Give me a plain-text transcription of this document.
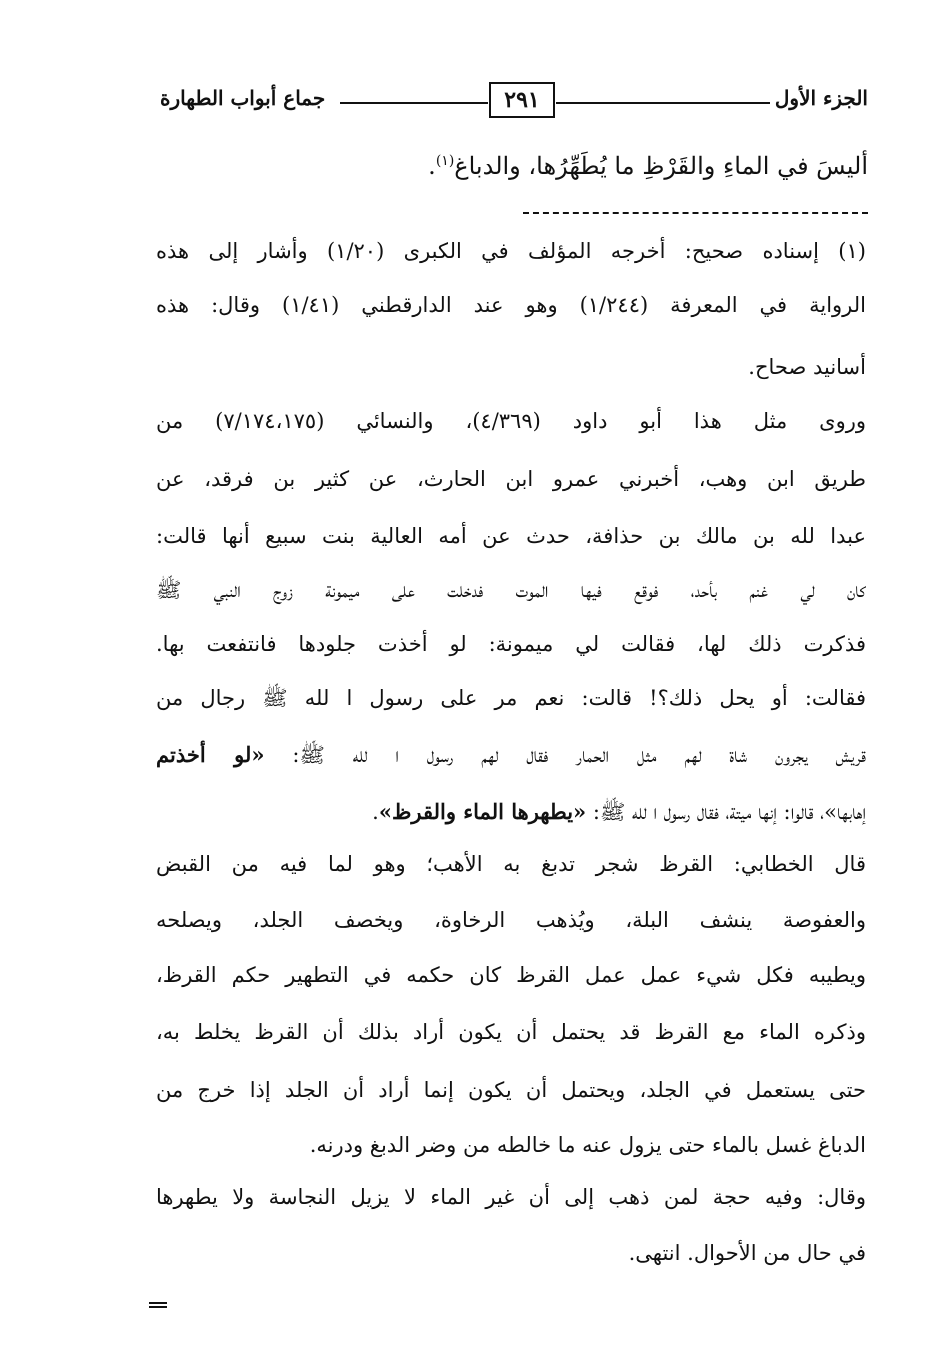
الجزء الأول
٢٩١
جماع أبواب الطهارة
أليسَ في الماءِ والقَرْظِ ما يُطَهِّرُها، والدباغ$^{(١)}$.
(١) إسناده صحيح: أخرجه المؤلف في الكبرى (١/٢٠) وأشار إلى هذه
الرواية في المعرفة (١/٢٤٤) وهو عند الدارقطني (١/٤١) وقال: هذه
أسانيد صحاح.
وروى مثل هذا أبو داود (٤/٣٦٩)، والنسائي (٧/١٧٤،١٧٥) من
طريق ابن وهب، أخبرني عمرو ابن الحارث، عن كثير بن فرقد، عن
عبدا لله بن مالك بن حذافة، حدث عن أمه العالية بنت سبيع أنها قالت:
كان لي غنم بأحد، فوقع فيها الموت فدخلت على ميمونة زوج النبي ﷺ
فذكرت ذلك لها، فقالت لي ميمونة: لو أخذت جلودها فانتفعت بها.
فقالت: أو يحل ذلك؟! قالت: نعم مر على رسول ا لله ﷺ رجال من
قريش يجرون شاة لهم مثل الحمار فقال لهم رسول ا لله ﷺ: «لو أخذتم
إهابها»، قالوا: إنها ميتة، فقال رسول ا لله ﷺ: «يطهرها الماء والقرظ».
قال الخطابي: القرظ شجر تدبغ به الأهب؛ وهو لما فيه من القبض
والعفوصة ينشف البلة، ويُذهب الرخاوة، ويخصف الجلد، ويصلحه
ويطيبه فكل شيء عمل عمل القرظ كان حكمه في التطهير حكم القرظ،
وذكره الماء مع القرظ قد يحتمل أن يكون أراد بذلك أن القرظ يخلط به،
حتى يستعمل في الجلد، ويحتمل أن يكون إنما أراد أن الجلد إذا خرج من
الدباغ غسل بالماء حتى يزول عنه ما خالطه من وضر الدبغ ودرنه.
وقال: وفيه حجة لمن ذهب إلى أن غير الماء لا يزيل النجاسة ولا يطهرها
في حال من الأحوال. انتهى.
